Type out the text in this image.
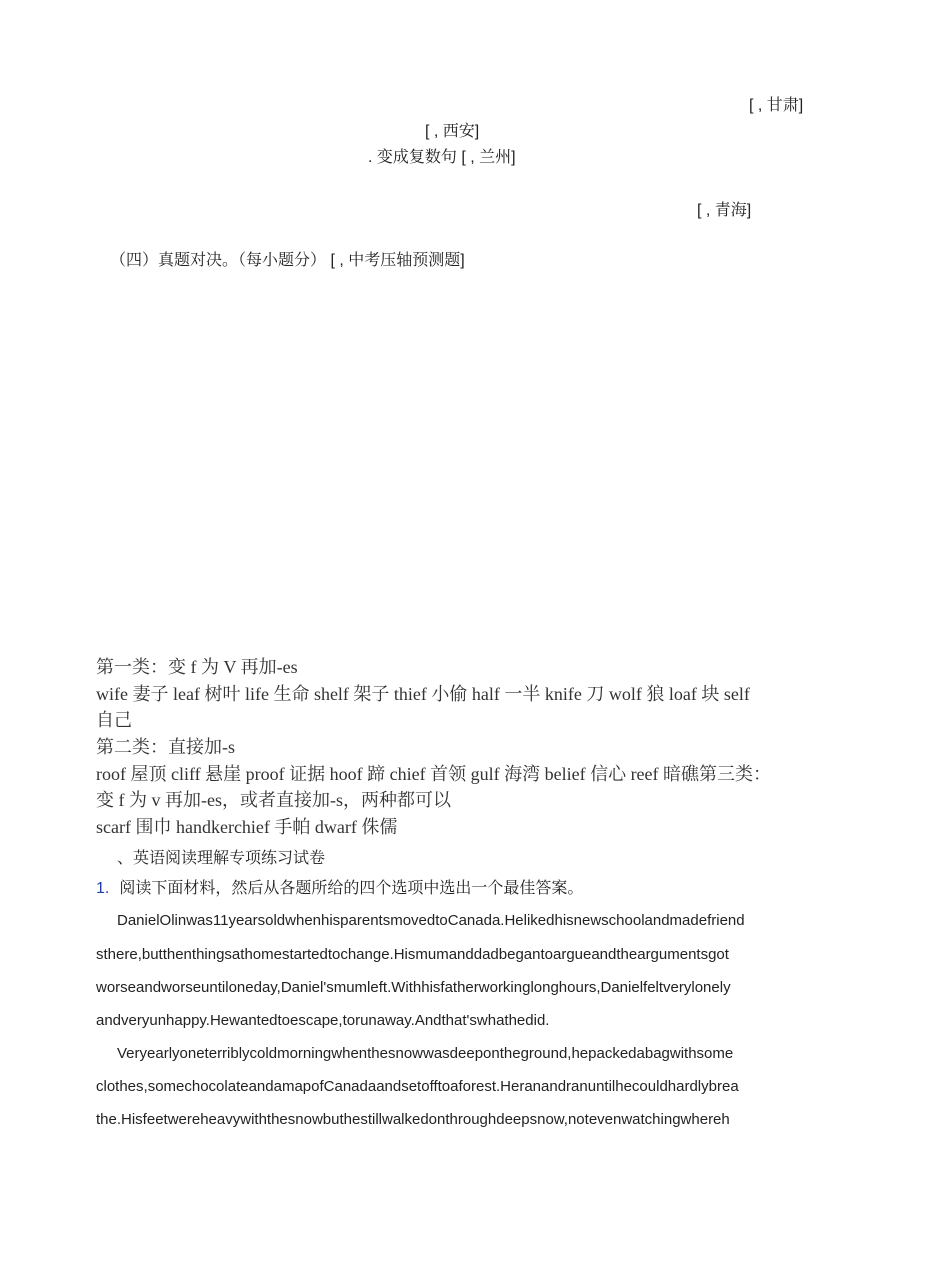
[ , 甘肃]
[ , 西安]
. 变成复数句 [ , 兰州]
[ , 青海]
（四）真题对决。（每小题分） [ , 中考压轴预测题]
第一类：变 f 为 V 再加-es
wife 妻子 leaf 树叶 life 生命 shelf 架子 thief 小偷 half 一半 knife 刀 wolf 狼 loaf 块 self
自己
第二类：直接加-s
roof 屋顶 cliff 悬崖 proof 证据 hoof 蹄 chief 首领 gulf 海湾 belief 信心 reef 暗礁第三类：
变 f 为 v 再加-es，或者直接加-s，两种都可以
scarf 围巾 handkerchief 手帕 dwarf 侏儒
、英语阅读理解专项练习试卷
1. 阅读下面材料，然后从各题所给的四个选项中选出一个最佳答案。
DanielOlinwas11yearsoldwhenhisparentsmovedtoCanada.Helikedhisnewschoolandmadefriend
sthere,butthenthingsathomestartedtochange.Hismumanddadbegantoargueandtheargumentsgot
worseandworseuntiloneday,Daniel'smumleft.Withhisfatherworkinglonghours,Danielfeltverylonely
andveryunhappy.Hewantedtoescape,torunaway.Andthat'swhathedid.
Veryearlyoneterriblycoldmorningwhenthesnowwasdeepontheground,hepackedabagwithsome
clothes,somechocolateandamapofCanadaandsetofftoaforest.Heranandranuntilhecouldhardlybrea
the.Hisfeetwereheavywiththesnowbuthestillwalkedonthroughdeepsnow,notevenwatchingwhereh
